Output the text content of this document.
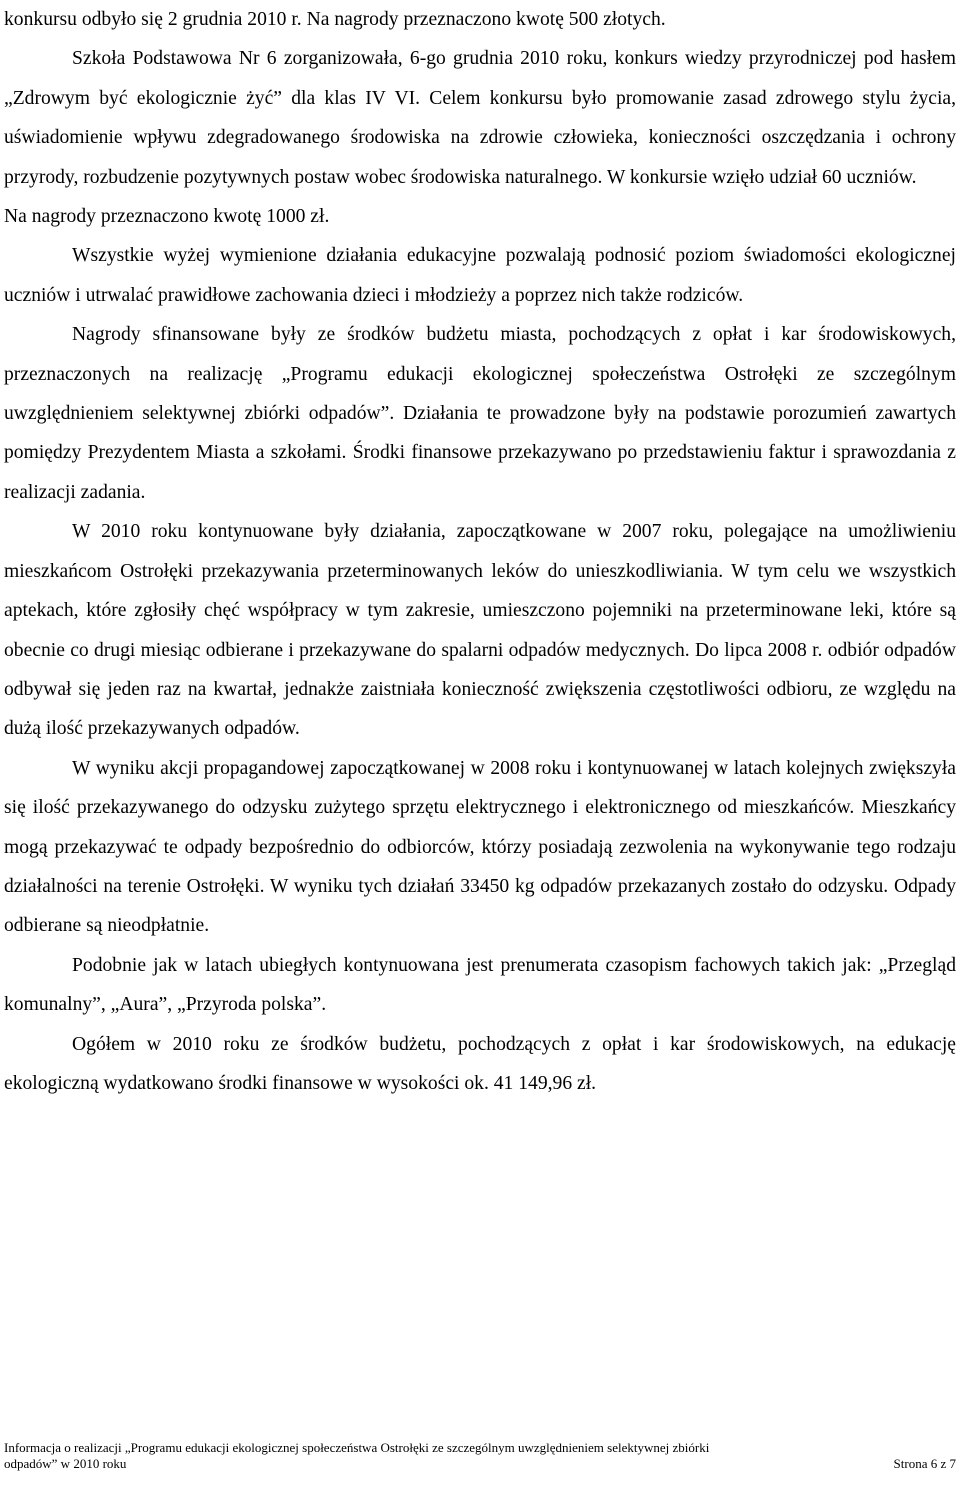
konkursu odbyło się 2 grudnia 2010 r. Na nagrody przeznaczono kwotę 500 złotych.

Szkoła Podstawowa Nr 6 zorganizowała, 6-go grudnia 2010 roku, konkurs wiedzy przyrodniczej pod hasłem „Zdrowym być ekologicznie żyć” dla klas IV VI. Celem konkursu było promowanie zasad zdrowego stylu życia, uświadomienie wpływu zdegradowanego środowiska na zdrowie człowieka, konieczności oszczędzania i ochrony przyrody, rozbudzenie pozytywnych postaw wobec środowiska naturalnego. W konkursie wzięło udział 60 uczniów.

Na nagrody przeznaczono kwotę 1000 zł.

Wszystkie wyżej wymienione działania edukacyjne pozwalają podnosić poziom świadomości ekologicznej uczniów i utrwalać prawidłowe zachowania dzieci i młodzieży a poprzez nich także rodziców.

Nagrody sfinansowane były ze środków budżetu miasta, pochodzących z opłat i kar środowiskowych, przeznaczonych na realizację „Programu edukacji ekologicznej społeczeństwa Ostrołęki ze szczególnym uwzględnieniem selektywnej zbiórki odpadów”. Działania te prowadzone były na podstawie porozumień zawartych pomiędzy Prezydentem Miasta a szkołami. Środki finansowe przekazywano po przedstawieniu faktur i sprawozdania z realizacji zadania.

W 2010 roku kontynuowane były działania, zapoczątkowane w 2007 roku, polegające na umożliwieniu mieszkańcom Ostrołęki przekazywania przeterminowanych leków do unieszkodliwiania. W tym celu we wszystkich aptekach, które zgłosiły chęć współpracy w tym zakresie, umieszczono pojemniki na przeterminowane leki, które są obecnie co drugi miesiąc odbierane i przekazywane do spalarni odpadów medycznych. Do lipca 2008 r. odbiór odpadów odbywał się jeden raz na kwartał, jednakże zaistniała konieczność zwiększenia częstotliwości odbioru, ze względu na dużą ilość przekazywanych odpadów.

W wyniku akcji propagandowej zapoczątkowanej w 2008 roku i kontynuowanej w latach kolejnych zwiększyła się ilość przekazywanego do odzysku zużytego sprzętu elektrycznego i elektronicznego od mieszkańców. Mieszkańcy mogą przekazywać te odpady bezpośrednio do odbiorców, którzy posiadają zezwolenia na wykonywanie tego rodzaju działalności na terenie Ostrołęki. W wyniku tych działań 33450 kg odpadów przekazanych zostało do odzysku. Odpady odbierane są nieodpłatnie.

Podobnie jak w latach ubiegłych kontynuowana jest prenumerata czasopism fachowych takich jak: „Przegląd komunalny”, „Aura”, „Przyroda polska”.

Ogółem w 2010 roku ze środków budżetu, pochodzących z opłat i kar środowiskowych, na edukację ekologiczną wydatkowano środki finansowe w wysokości ok. 41 149,96 zł.

Informacja o realizacji „Programu edukacji ekologicznej społeczeństwa Ostrołęki ze szczególnym uwzględnieniem selektywnej zbiórki
odpadów” w 2010 roku	Strona 6 z 7
